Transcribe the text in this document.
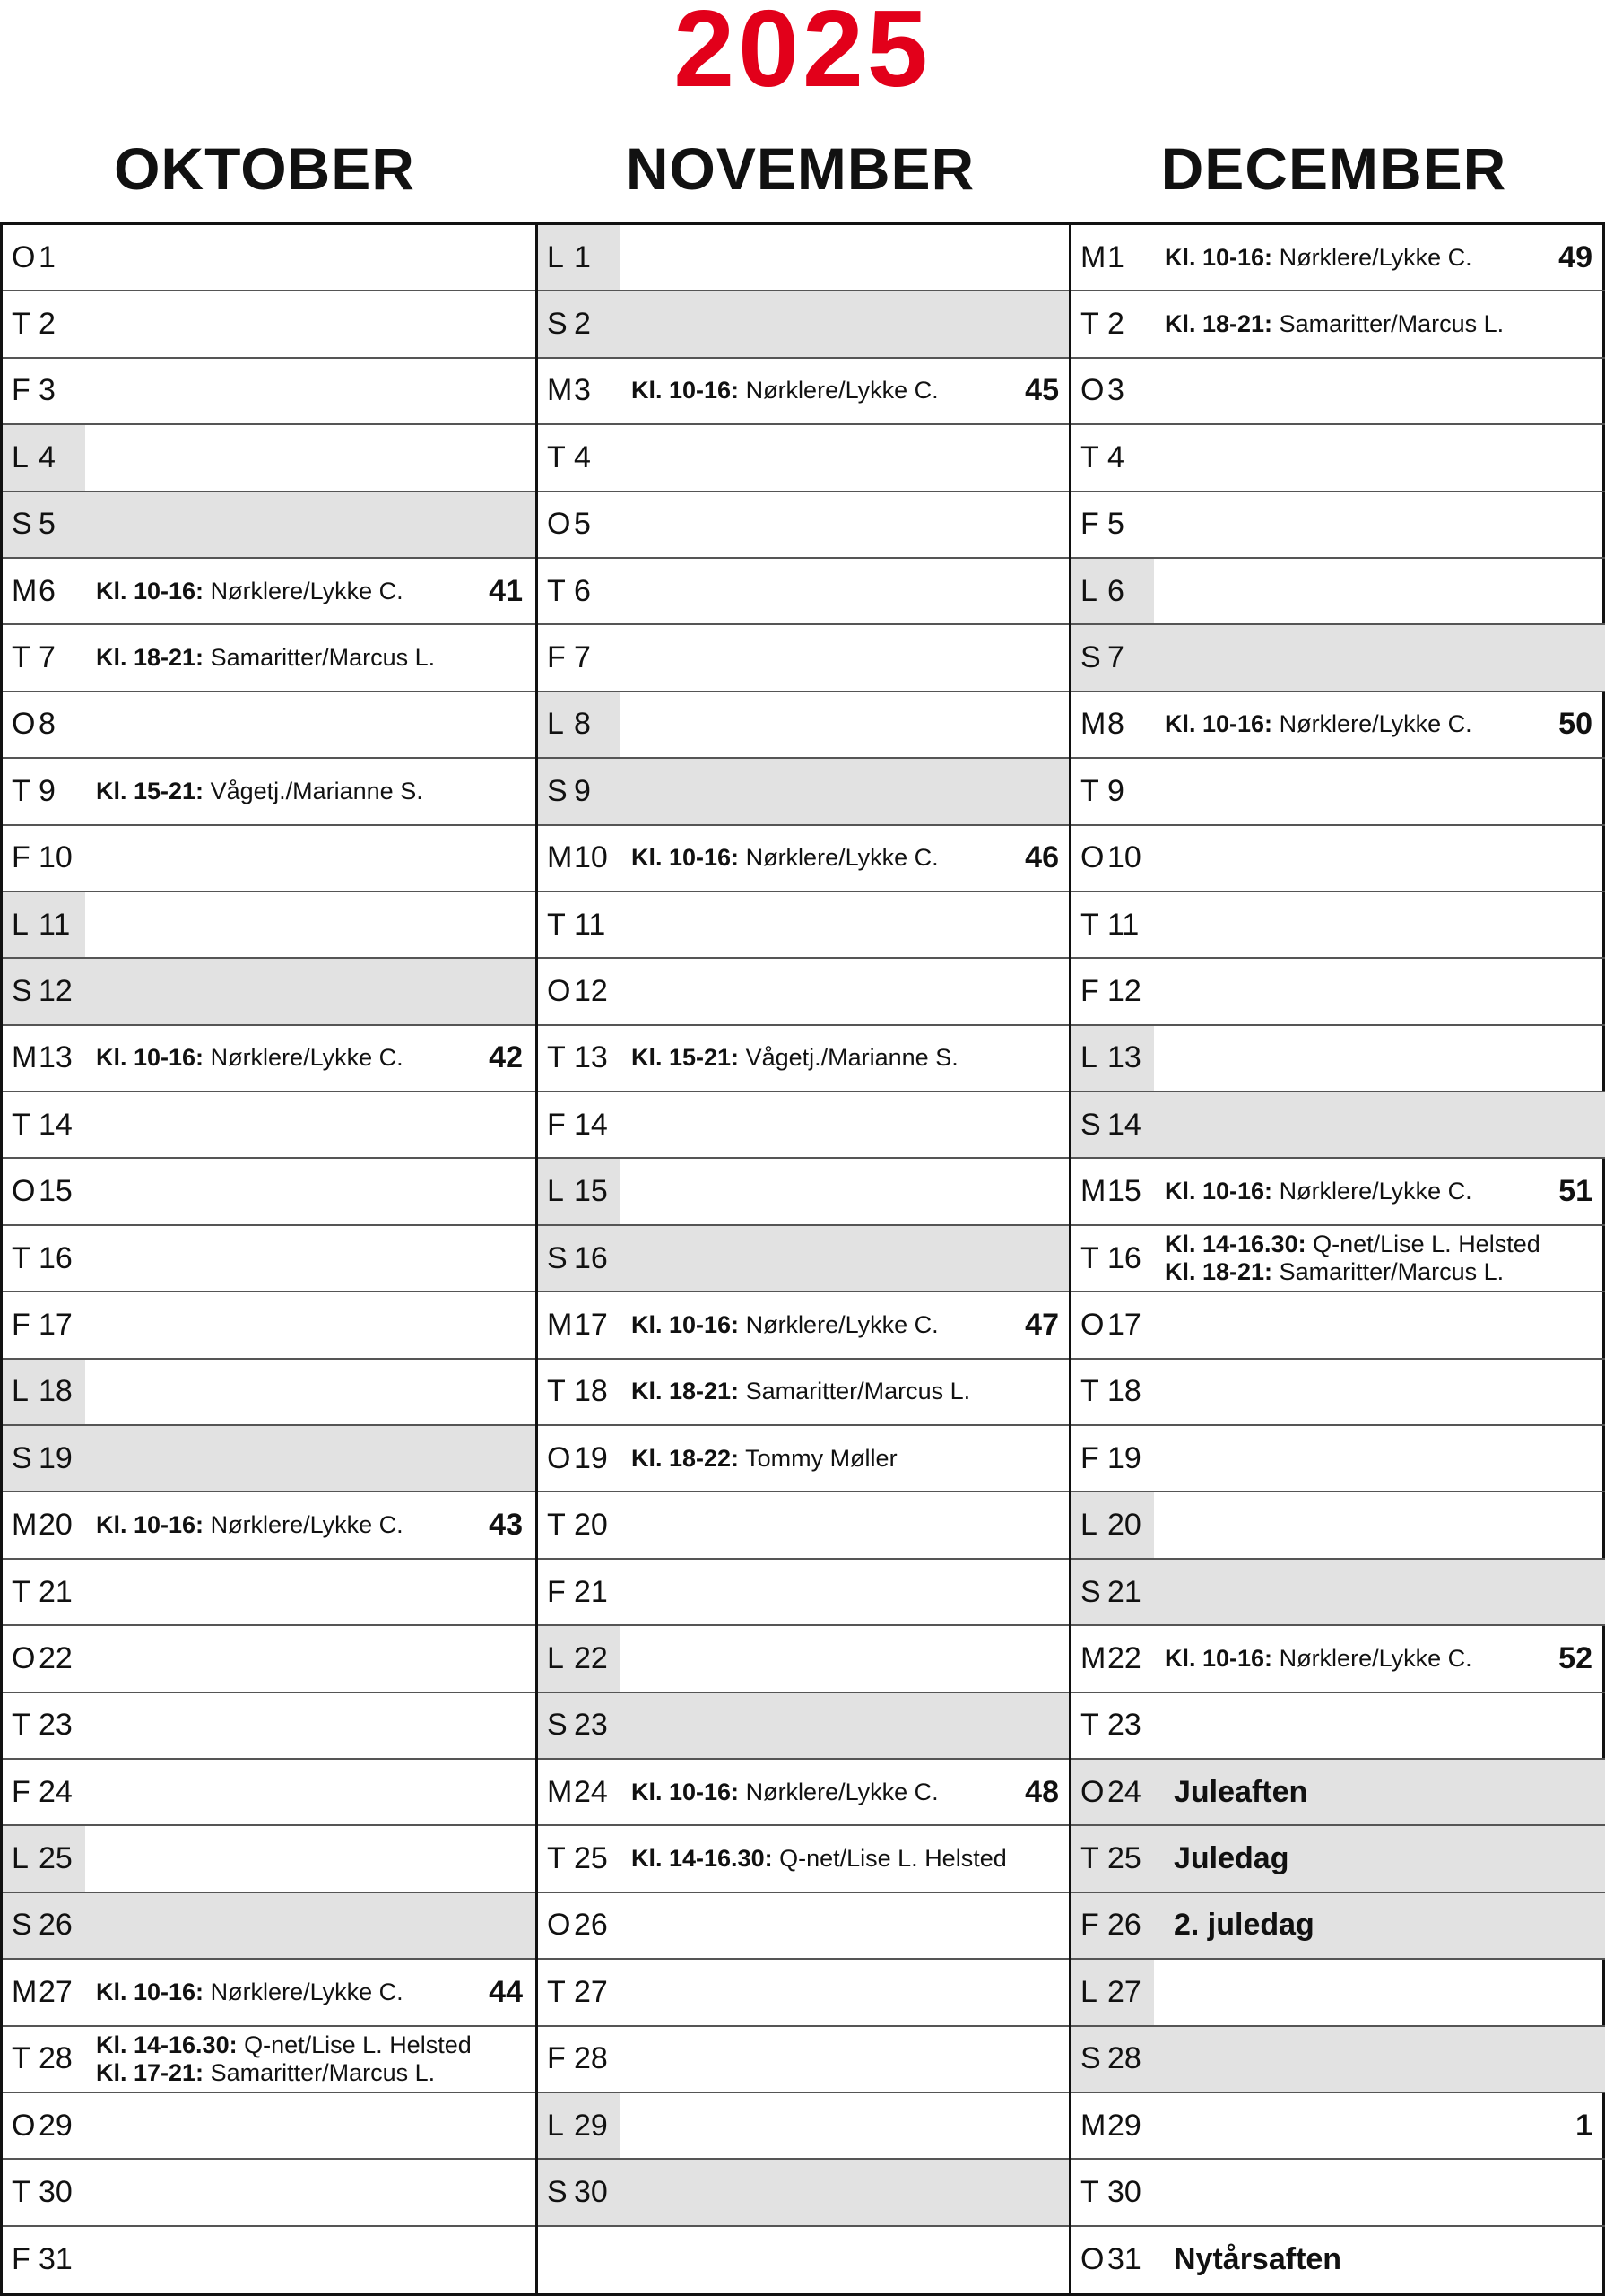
2025
OKTOBER	NOVEMBER	DECEMBER
O 1
T 2
F 3
L 4
S 5
M 6 Kl. 10-16: Nørklere/Lykke C.	41
T 7 Kl. 18-21: Samaritter/Marcus L.
O 8
T 9 Kl. 15-21: Vågetj./Marianne S.
F 10
L 11
S 12
M 13 Kl. 10-16: Nørklere/Lykke C.	42
T 14
O 15
T 16
F 17
L 18
S 19
M 20 Kl. 10-16: Nørklere/Lykke C.	43
T 21
O 22
T 23
F 24
L 25
S 26
M 27 Kl. 10-16: Nørklere/Lykke C.	44
T 28 Kl. 14-16.30: Q-net/Lise L. Helsted
Kl. 17-21: Samaritter/Marcus L.
O 29
T 30
F 31
L 1
S 2
M 3 Kl. 10-16: Nørklere/Lykke C.	45
T 4
O 5
T 6
F 7
L 8
S 9
M 10 Kl. 10-16: Nørklere/Lykke C.	46
T 11
O 12
T 13 Kl. 15-21: Vågetj./Marianne S.
F 14
L 15
S 16
M 17 Kl. 10-16: Nørklere/Lykke C.	47
T 18 Kl. 18-21: Samaritter/Marcus L.
O 19 Kl. 18-22: Tommy Møller
T 20
F 21
L 22
S 23
M 24 Kl. 10-16: Nørklere/Lykke C.	48
T 25 Kl. 14-16.30: Q-net/Lise L. Helsted
O 26
T 27
F 28
L 29
S 30
M 1 Kl. 10-16: Nørklere/Lykke C.	49
T 2 Kl. 18-21: Samaritter/Marcus L.
O 3
T 4
F 5
L 6
S 7
M 8 Kl. 10-16: Nørklere/Lykke C.	50
T 9
O 10
T 11
F 12
L 13
S 14
M 15 Kl. 10-16: Nørklere/Lykke C.	51
T 16 Kl. 14-16.30: Q-net/Lise L. Helsted
Kl. 18-21: Samaritter/Marcus L.
O 17
T 18
F 19
L 20
S 21
M 22 Kl. 10-16: Nørklere/Lykke C.	52
T 23
O 24 Juleaften
T 25 Juledag
F 26 2. juledag
L 27
S 28
M 29	1
T 30
O 31 Nytårsaften
